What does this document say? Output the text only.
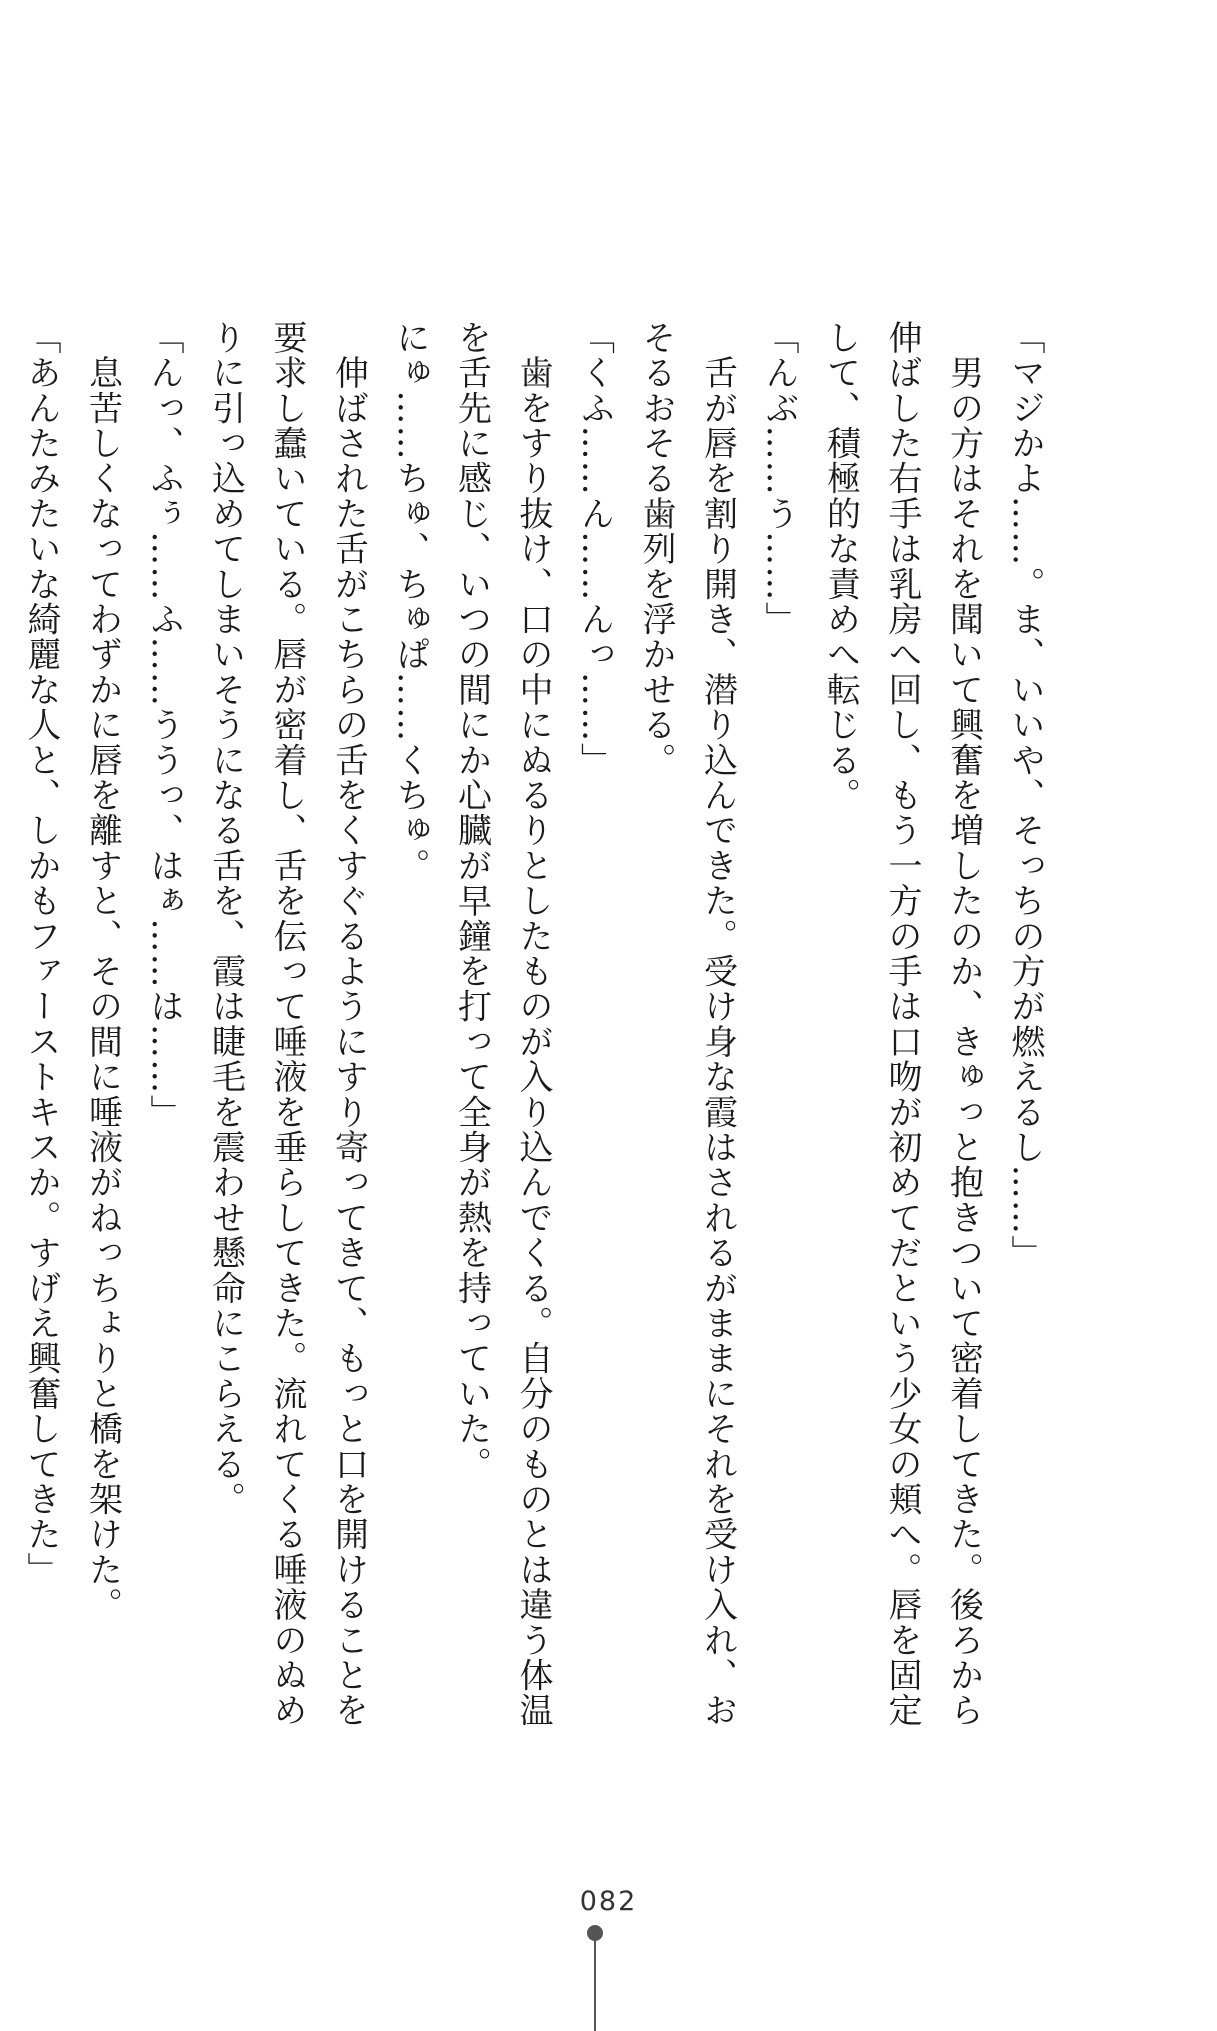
「マジかよ……。ま、いいや、そっちの方が燃えるし……」
　男の方はそれを聞いて興奮を増したのか、きゅっと抱きついて密着してきた。後ろから
伸ばした右手は乳房へ回し、もう一方の手は口吻が初めてだという少女の頬へ。唇を固定
して、積極的な責めへ転じる。
「んぶ……う……」
　舌が唇を割り開き、潜り込んできた。受け身な霞はされるがままにそれを受け入れ、お
そるおそる歯列を浮かせる。
「くふ……ん……んっ……」
　歯をすり抜け、口の中にぬるりとしたものが入り込んでくる。自分のものとは違う体温
を舌先に感じ、いつの間にか心臓が早鐘を打って全身が熱を持っていた。
にゅ……ちゅ、ちゅぱ……くちゅ。
　伸ばされた舌がこちらの舌をくすぐるようにすり寄ってきて、もっと口を開けることを
要求し蠢いている。唇が密着し、舌を伝って唾液を垂らしてきた。流れてくる唾液のぬめ
りに引っ込めてしまいそうになる舌を、霞は睫毛を震わせ懸命にこらえる。
「んっ、ふぅ……ふ……ううっ、はぁ……は……」
　息苦しくなってわずかに唇を離すと、その間に唾液がねっちょりと橋を架けた。
「あんたみたいな綺麗な人と、しかもファーストキスか。すげえ興奮してきた」
082
